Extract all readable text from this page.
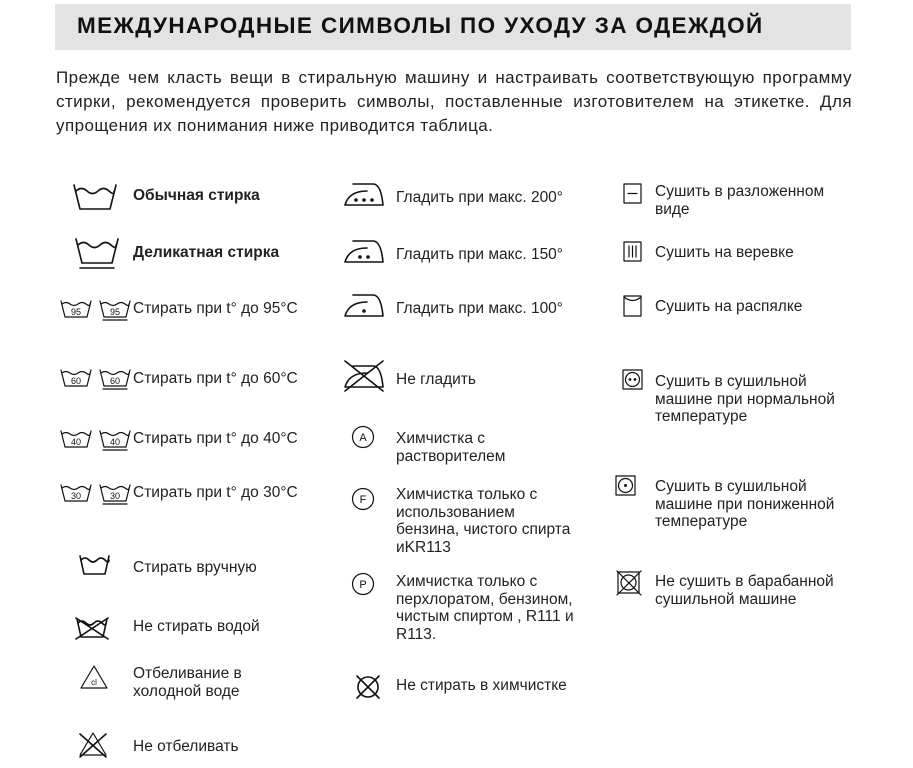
МЕЖДУНАРОДНЫЕ СИМВОЛЫ ПО УХОДУ ЗА ОДЕЖДОЙ

Прежде чем класть вещи в стиральную машину и настраивать соответствующую программу стирки, рекомендуется проверить символы, поставленные изготовителем на этикетке. Для упрощения их понимания ниже приводится таблица.

Обычная стирка
Деликатная стирка
95	95 Стирать при t° до 95°C
60	60 Стирать при t° до 60°C
40	40 Стирать при t° до 40°C
30	30 Стирать при t° до 30°C
Стирать вручную
Не стирать водой
cl
Отбеливание в холодной воде
Не отбеливать
Гладить при макс. 200°
Гладить при макс. 150°
Гладить при макс. 100°
Не гладить
A Химчистка с растворителем
F Химчистка только с использованием бензина, чистого спирта иKR113
P Химчистка только с перхлоратом, бензином, чистым спиртом , R111 и R113.
Не стирать в химчистке
Сушить в разложенном виде
Сушить на веревке
Сушить на распялке
Сушить в сушильной машине при нормальной температуре
Сушить в сушильной машине при пониженной температуре
Не сушить в барабанной сушильной машине
